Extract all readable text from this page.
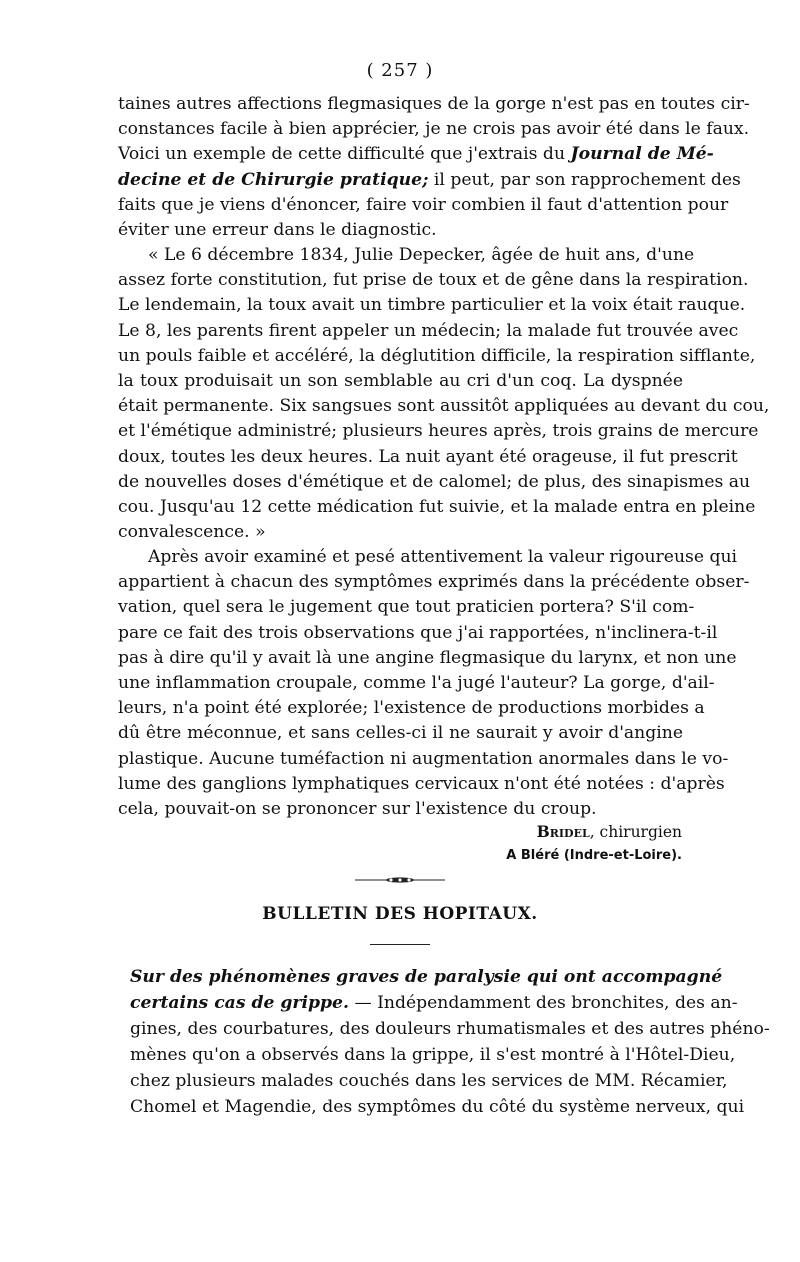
( 257 )
taines autres affections flegmasiques de la gorge n'est pas en toutes cir-
constances facile à bien apprécier, je ne crois pas avoir été dans le faux.
Voici un exemple de cette difficulté que j'extrais du Journal de Mé-
decine et de Chirurgie pratique; il peut, par son rapprochement des
faits que je viens d'énoncer, faire voir combien il faut d'attention pour
éviter une erreur dans le diagnostic.
« Le 6 décembre 1834, Julie Depecker, âgée de huit ans, d'une
assez forte constitution, fut prise de toux et de gêne dans la respiration.
Le lendemain, la toux avait un timbre particulier et la voix était rauque.
Le 8, les parents firent appeler un médecin; la malade fut trouvée avec
un pouls faible et accéléré, la déglutition difficile, la respiration sifflante,
la toux produisait un son semblable au cri d'un coq. La dyspnée
était permanente. Six sangsues sont aussitôt appliquées au devant du cou,
et l'émétique administré; plusieurs heures après, trois grains de mercure
doux, toutes les deux heures. La nuit ayant été orageuse, il fut prescrit
de nouvelles doses d'émétique et de calomel; de plus, des sinapismes au
cou. Jusqu'au 12 cette médication fut suivie, et la malade entra en pleine
convalescence. »
Après avoir examiné et pesé attentivement la valeur rigoureuse qui
appartient à chacun des symptômes exprimés dans la précédente obser-
vation, quel sera le jugement que tout praticien portera? S'il com-
pare ce fait des trois observations que j'ai rapportées, n'inclinera-t-il
pas à dire qu'il y avait là une angine flegmasique du larynx, et non une
une inflammation croupale, comme l'a jugé l'auteur? La gorge, d'ail-
leurs, n'a point été explorée; l'existence de productions morbides a
dû être méconnue, et sans celles-ci il ne saurait y avoir d'angine
plastique. Aucune tuméfaction ni augmentation anormales dans le vo-
lume des ganglions lymphatiques cervicaux n'ont été notées : d'après
cela, pouvait-on se prononcer sur l'existence du croup.
Bridel, chirurgien
A Bléré (Indre-et-Loire).
BULLETIN DES HOPITAUX.
Sur des phénomènes graves de paralysie qui ont accompagné
certains cas de grippe. — Indépendamment des bronchites, des an-
gines, des courbatures, des douleurs rhumatismales et des autres phéno-
mènes qu'on a observés dans la grippe, il s'est montré à l'Hôtel-Dieu,
chez plusieurs malades couchés dans les services de MM. Récamier,
Chomel et Magendie, des symptômes du côté du système nerveux, qui
